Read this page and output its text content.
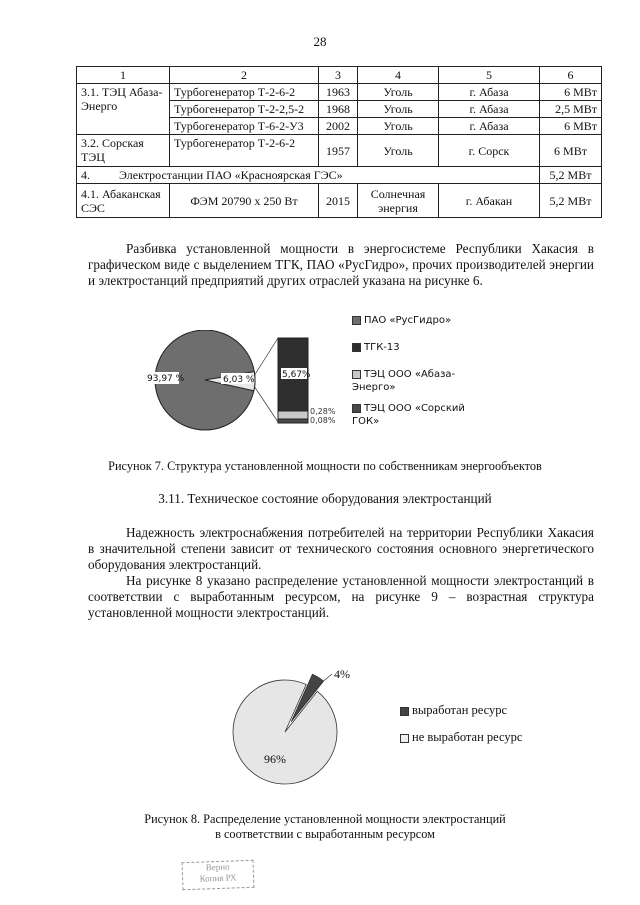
28
1	2	3	4	5	6
3.1. ТЭЦ Абаза-Энерго	Турбогенератор Т-2-6-2	1963	Уголь	г. Абаза	6 МВт
	Турбогенератор Т-2-2,5-2	1968	Уголь	г. Абаза	2,5 МВт
	Турбогенератор Т-6-2-У3	2002	Уголь	г. Абаза	6 МВт
3.2. Сорская ТЭЦ	Турбогенератор Т-2-6-2	1957	Уголь	г. Сорск	6 МВт
4. Электростанции ПАО «Красноярская ГЭС»					5,2 МВт
4.1. Абаканская СЭС	ФЭМ 20790 х 250 Вт	2015	Солнечная энергия	г. Абакан	5,2 МВт
Разбивка установленной мощности в энергосистеме Республики Хакасия в графическом виде с выделением ТГК, ПАО «РусГидро», прочих производителей энергии и электростанций предприятий других отраслей указана на рисунке 6.
93,97 %	6,03 %	5,67%
0,28%
0,08%
ПАО «РусГидро»
ТГК-13
ТЭЦ ООО «Абаза-Энерго»
ТЭЦ ООО «Сорский ГОК»
Рисунок 7. Структура установленной мощности по собственникам энергообъектов
3.11. Техническое состояние оборудования электростанций
Надежность электроснабжения потребителей на территории Республики Хакасия в значительной степени зависит от технического состояния основного энергетического оборудования электростанций.
На рисунке 8 указано распределение установленной мощности электростанций в соответствии с выработанным ресурсом, на рисунке 9 – возрастная структура установленной мощности электростанций.
4%
96%
выработан ресурс
не выработан ресурс
Рисунок 8. Распределение установленной мощности электростанций
в соответствии с выработанным ресурсом
Верно
Копия РХ
